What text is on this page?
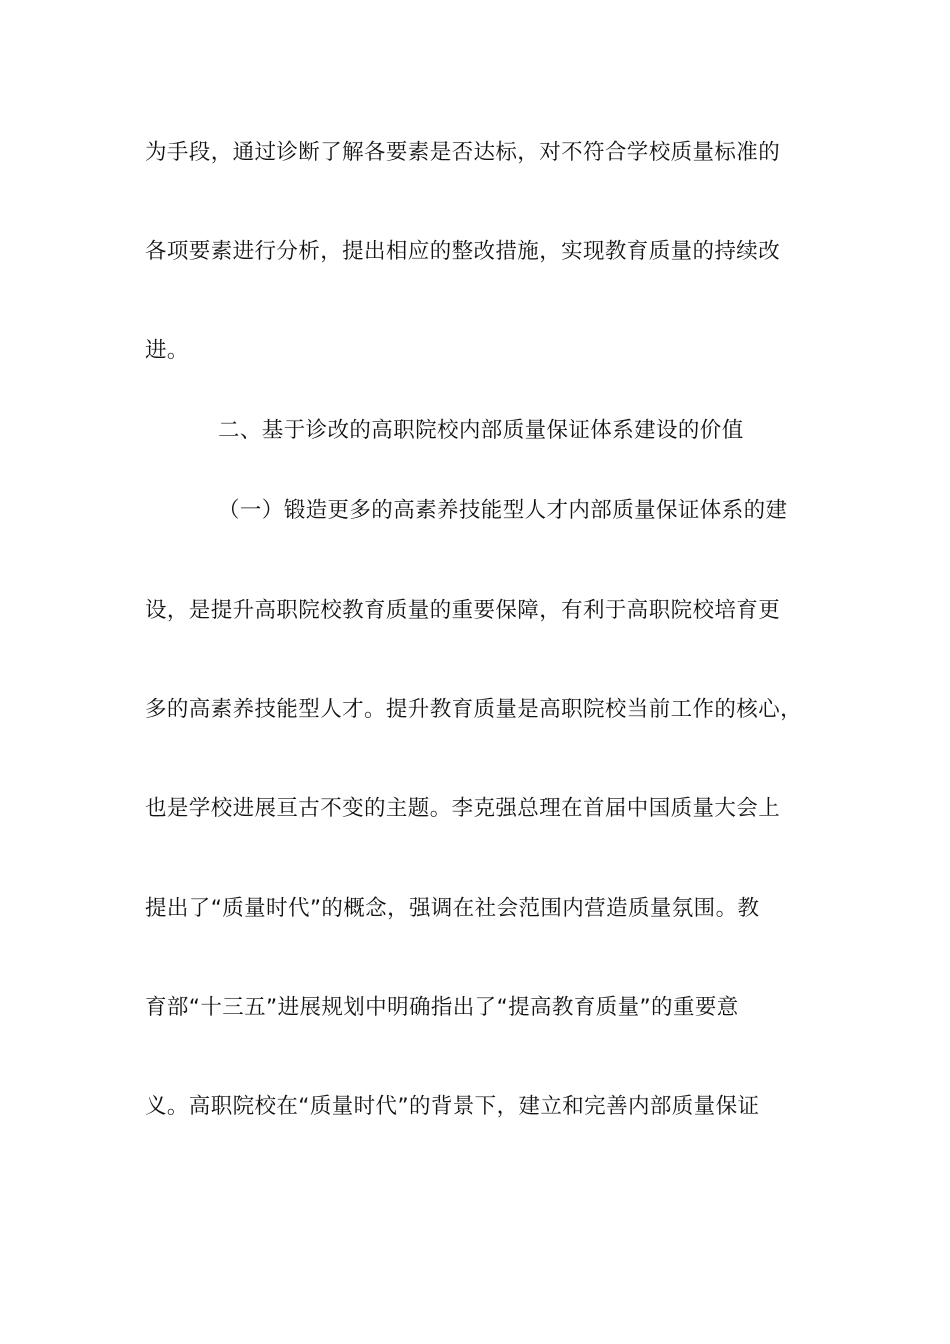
为手段，通过诊断了解各要素是否达标，对不符合学校质量标准的
各项要素进行分析，提出相应的整改措施，实现教育质量的持续改
进。
二、基于诊改的高职院校内部质量保证体系建设的价值
（一）锻造更多的高素养技能型人才内部质量保证体系的建
设，是提升高职院校教育质量的重要保障，有利于高职院校培育更
多的高素养技能型人才。提升教育质量是高职院校当前工作的核心，
也是学校进展亘古不变的主题。李克强总理在首届中国质量大会上
提出了“质量时代”的概念，强调在社会范围内营造质量氛围。教
育部“十三五”进展规划中明确指出了“提高教育质量”的重要意
义。高职院校在“质量时代”的背景下，建立和完善内部质量保证
